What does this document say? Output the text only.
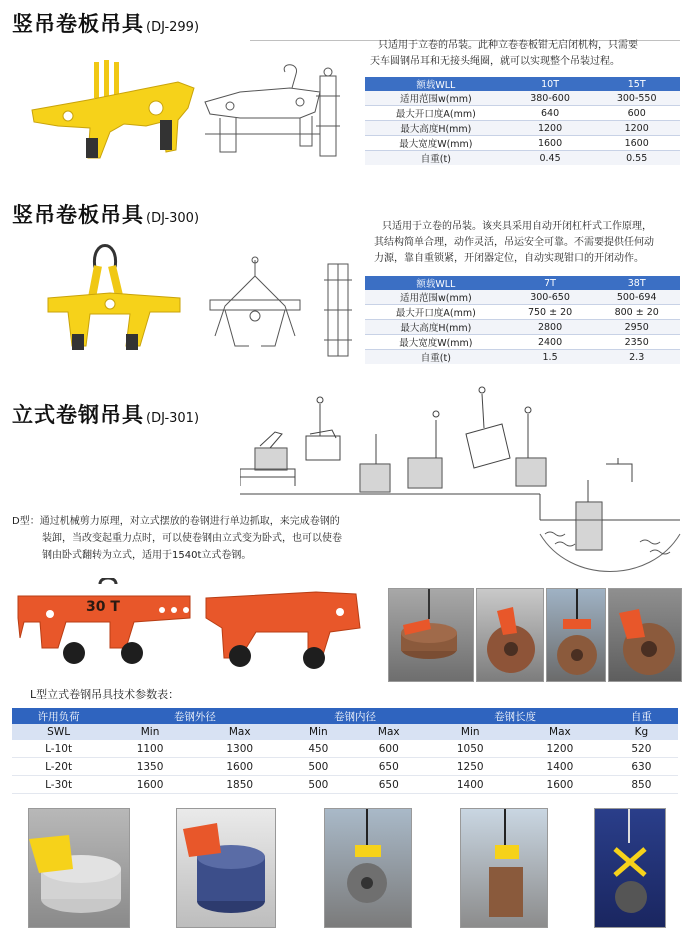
竖吊卷板吊具 (DJ-299)
只适用于立卷的吊装。此种立卷卷板钳无启闭机构，只需要
天车圆钢吊耳和无接头绳圈，就可以实现整个吊装过程。
额载WLL	10T	15T
适用范围w(mm)	380-600	300-550
最大开口度A(mm)	640	600
最大高度H(mm)	1200	1200
最大宽度W(mm)	1600	1600
自重(t)	0.45	0.55
竖吊卷板吊具 (DJ-300)
只适用于立卷的吊装。该夹具采用自动开闭杠杆式工作原理，
其结构简单合理，动作灵活，吊运安全可靠。不需要提供任何动
力源，靠自重锁紧，开闭器定位，自动实现钳口的开闭动作。
额载WLL	7T	38T
适用范围w(mm)	300-650	500-694
最大开口度A(mm)	750 ± 20	800 ± 20
最大高度H(mm)	2800	2950
最大宽度W(mm)	2400	2350
自重(t)	1.5	2.3
立式卷钢吊具 (DJ-301)
D型：通过机械剪力原理，对立式摆放的卷钢进行单边抓取，来完成卷钢的
装卸，当改变起重力点时，可以使卷钢由立式变为卧式，也可以使卷
钢由卧式翻转为立式，适用于1540t立式卷钢。
30 T
L型立式卷钢吊具技术参数表：
许用负荷	卷钢外径		卷钢内径		卷钢长度		自重
SWL	Min	Max	Min	Max	Min	Max	Kg
L-10t	1100	1300	450	600	1050	1200	520
L-20t	1350	1600	500	650	1250	1400	630
L-30t	1600	1850	500	650	1400	1600	850
